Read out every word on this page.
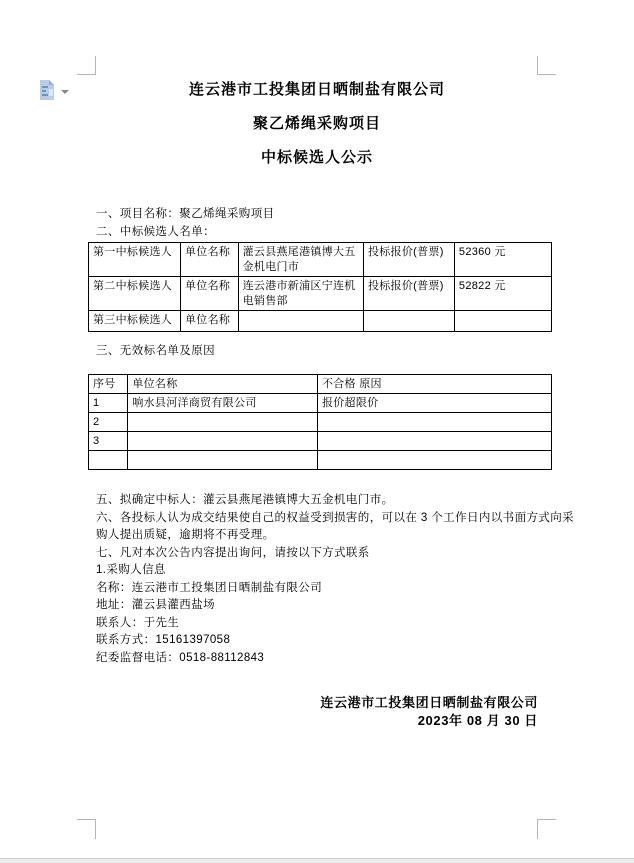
连云港市工投集团日晒制盐有限公司
聚乙烯绳采购项目
中标候选人公示
一、项目名称：聚乙烯绳采购项目
二、中标候选人名单：
第一中标候选人	单位名称	灌云县燕尾港镇博大五金机电门市	投标报价(普票)	52360 元
第二中标候选人	单位名称	连云港市新浦区宁连机电销售部	投标报价(普票)	52822 元
第三中标候选人	单位名称			
三、无效标名单及原因
序号	单位名称	不合格 原因
1	响水县河洋商贸有限公司	报价超限价
2		
3		

五、拟确定中标人：灌云县燕尾港镇博大五金机电门市。
六、各投标人认为成交结果使自己的权益受到损害的，可以在 3 个工作日内以书面方式向采
购人提出质疑，逾期将不再受理。
七、凡对本次公告内容提出询问，请按以下方式联系
1.采购人信息
名称：连云港市工投集团日晒制盐有限公司
地址：灌云县灌西盐场
联系人：于先生
联系方式：15161397058
纪委监督电话：0518-88112843
连云港市工投集团日晒制盐有限公司
2023年 08 月 30 日
